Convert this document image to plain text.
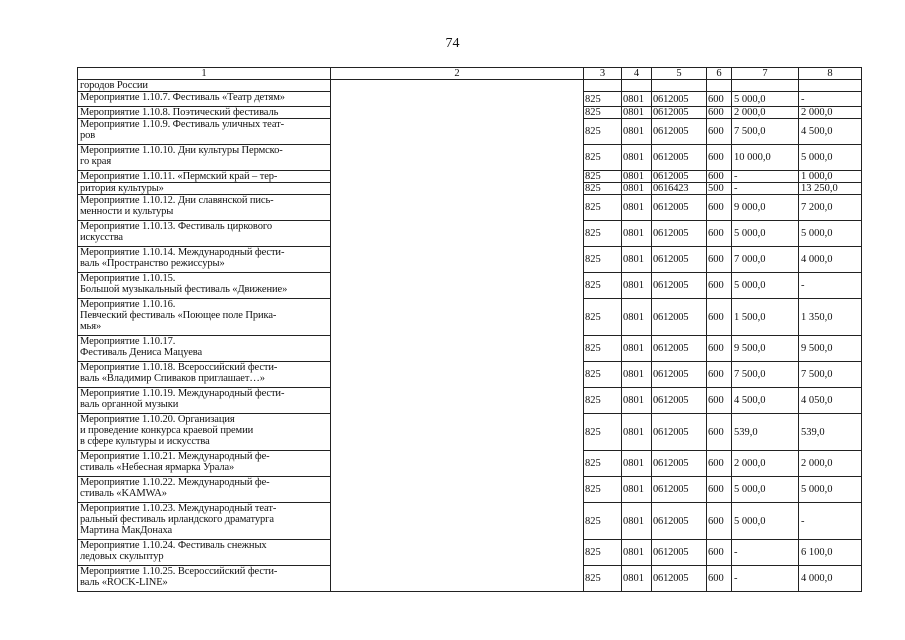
74
1	2	3	4	5	6	7	8
городов России							
Мероприятие 1.10.7. Фестиваль «Театр детям»		825	0801	0612005	600	5 000,0	-
Мероприятие 1.10.8. Поэтический фестиваль		825	0801	0612005	600	2 000,0	2 000,0
Мероприятие 1.10.9. Фестиваль уличных теат-
ров		825	0801	0612005	600	7 500,0	4 500,0
Мероприятие 1.10.10. Дни культуры Пермско-
го края		825	0801	0612005	600	10 000,0	5 000,0
Мероприятие 1.10.11. «Пермский край – тер-		825	0801	0612005	600	-	1 000,0
ритория культуры»		825	0801	0616423	500	-	13 250,0
Мероприятие 1.10.12. Дни славянской пись-
менности и культуры		825	0801	0612005	600	9 000,0	7 200,0
Мероприятие 1.10.13. Фестиваль циркового
искусства		825	0801	0612005	600	5 000,0	5 000,0
Мероприятие 1.10.14. Международный фести-
валь «Пространство режиссуры»		825	0801	0612005	600	7 000,0	4 000,0
Мероприятие 1.10.15.
Большой музыкальный фестиваль «Движение»		825	0801	0612005	600	5 000,0	-
Мероприятие 1.10.16.
Певческий фестиваль «Поющее поле Прика-
мья»		825	0801	0612005	600	1 500,0	1 350,0
Мероприятие 1.10.17.
Фестиваль Дениса Мацуева		825	0801	0612005	600	9 500,0	9 500,0
Мероприятие 1.10.18. Всероссийский фести-
валь «Владимир Спиваков приглашает…»		825	0801	0612005	600	7 500,0	7 500,0
Мероприятие 1.10.19. Международный фести-
валь органной музыки		825	0801	0612005	600	4 500,0	4 050,0
Мероприятие 1.10.20. Организация
и проведение конкурса краевой премии
в сфере культуры и искусства		825	0801	0612005	600	539,0	539,0
Мероприятие 1.10.21. Международный фе-
стиваль «Небесная ярмарка Урала»		825	0801	0612005	600	2 000,0	2 000,0
Мероприятие 1.10.22. Международный фе-
стиваль «KAMWA»		825	0801	0612005	600	5 000,0	5 000,0
Мероприятие 1.10.23. Международный теат-
ральный фестиваль ирландского драматурга
Мартина МакДонаха		825	0801	0612005	600	5 000,0	-
Мероприятие 1.10.24. Фестиваль снежных
ледовых скульптур		825	0801	0612005	600	-	6 100,0
Мероприятие 1.10.25. Всероссийский фести-
валь «ROCK-LINE»		825	0801	0612005	600	-	4 000,0
